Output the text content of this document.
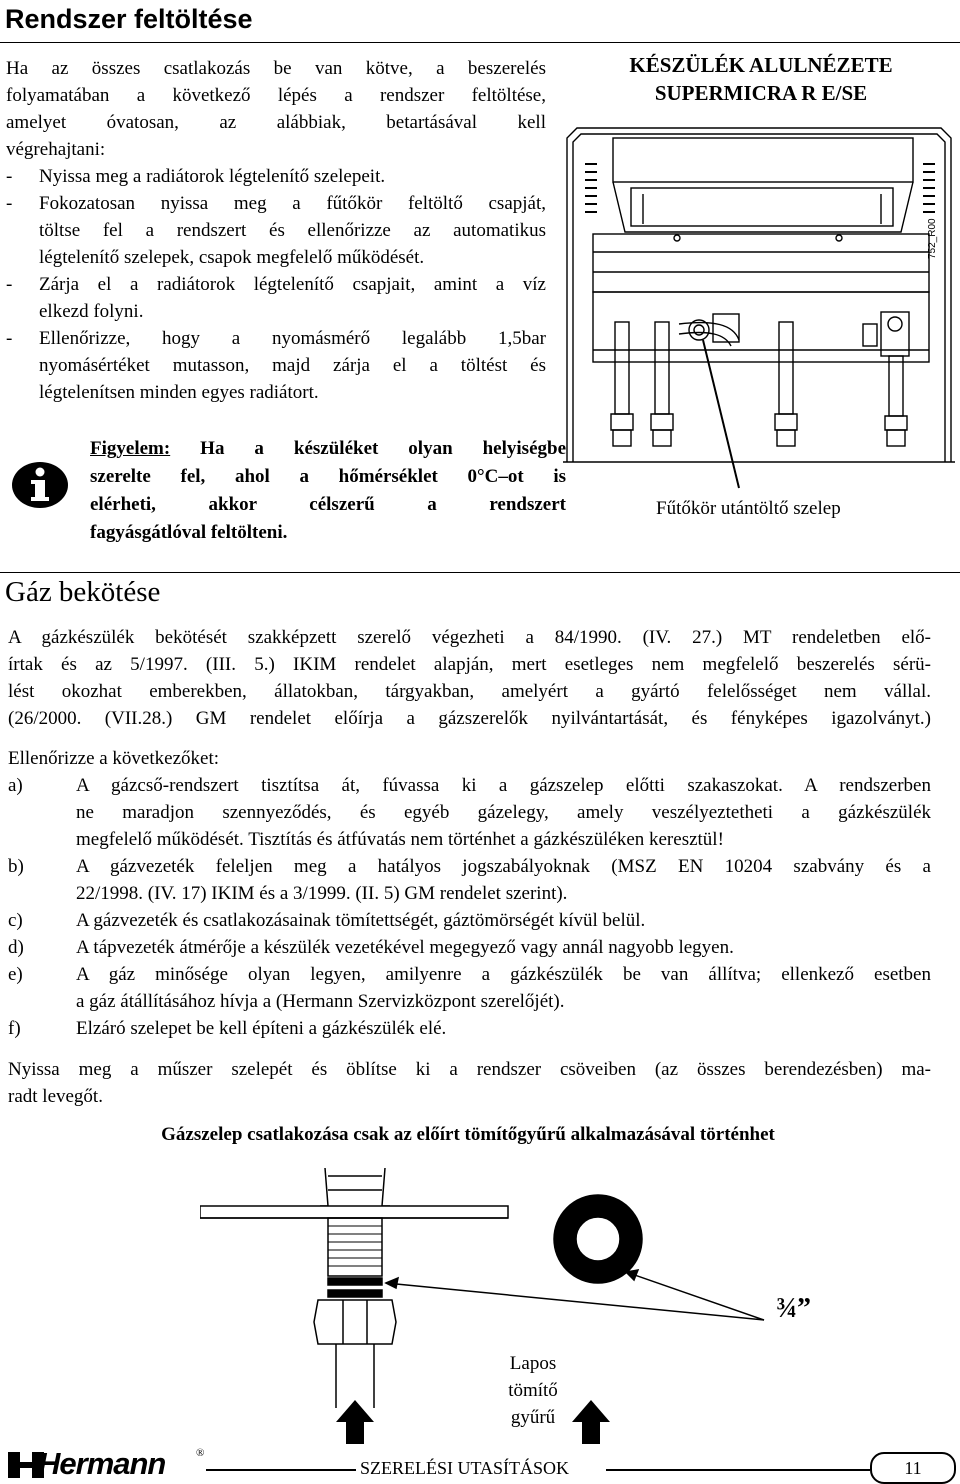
Rendszer feltöltése
Ha az összes csatlakozás be van kötve, a beszerelés
folyamatában a következő lépés a rendszer feltöltése,
amelyet óvatosan, az alábbiak, betartásával kell
végrehajtani:
- Nyissa meg a radiátorok légtelenítő szelepeit.
- Fokozatosan nyissa meg a fűtőkör feltöltő csapját,
töltse fel a rendszert és ellenőrizze az automatikus
légtelenítő szelepek, csapok megfelelő működését.
- Zárja el a radiátorok légtelenítő csapjait, amint a víz
elkezd folyni.
- Ellenőrizze, hogy a nyomásmérő legalább 1,5bar
nyomásértéket mutasson, majd zárja el a töltést és
légtelenítsen minden egyes radiátort.
Figyelem: Ha a készüléket olyan helyiségbe
szerelte fel, ahol a hőmérséklet 0°C–ot is
elérheti, akkor célszerű a rendszert
fagyásgátlóval feltölteni.
KÉSZÜLÉK ALULNÉZETE
SUPERMICRA R E/SE
752_R00
Fűtőkör utántöltő szelep
Gáz bekötése
A gázkészülék bekötését szakképzett szerelő végezheti a 84/1990. (IV. 27.) MT rendeletben elő-
írtak és az 5/1997. (III. 5.) IKIM rendelet alapján, mert esetleges nem megfelelő beszerelés sérü-
lést okozhat emberekben, állatokban, tárgyakban, amelyért a gyártó felelősséget nem vállal.
(26/2000. (VII.28.) GM rendelet előírja a gázszerelők nyilvántartását, és fényképes igazolványt.)
Ellenőrizze a következőket:
a)	A gázcső-rendszert tisztítsa át, fúvassa ki a gázszelep előtti szakaszokat. A rendszerben
ne maradjon szennyeződés, és egyéb gázelegy, amely veszélyeztetheti a gázkészülék
megfelelő működését. Tisztítás és átfúvatás nem történhet a gázkészüléken keresztül!
b)	A gázvezeték feleljen meg a hatályos jogszabályoknak (MSZ EN 10204 szabvány és a
22/1998. (IV. 17) IKIM és a 3/1999. (II. 5) GM rendelet szerint).
c)	A gázvezeték és csatlakozásainak tömítettségét, gáztömörségét kívül belül.
d)	A tápvezeték átmérője a készülék vezetékével megegyező vagy annál nagyobb legyen.
e)	A gáz minősége olyan legyen, amilyenre a gázkészülék be van állítva; ellenkező esetben
a gáz átállításához hívja a (Hermann Szervizközpont szerelőjét).
f)	Elzáró szelepet be kell építeni a gázkészülék elé.
Nyissa meg a műszer szelepét és öblítse ki a rendszer csöveiben (az összes berendezésben) ma-
radt levegőt.
Gázszelep csatlakozása csak az előírt tömítőgyűrű alkalmazásával történhet
¾”
Lapos
tömítő
gyűrű
Hermann	®
SZERELÉSI UTASÍTÁSOK	11
